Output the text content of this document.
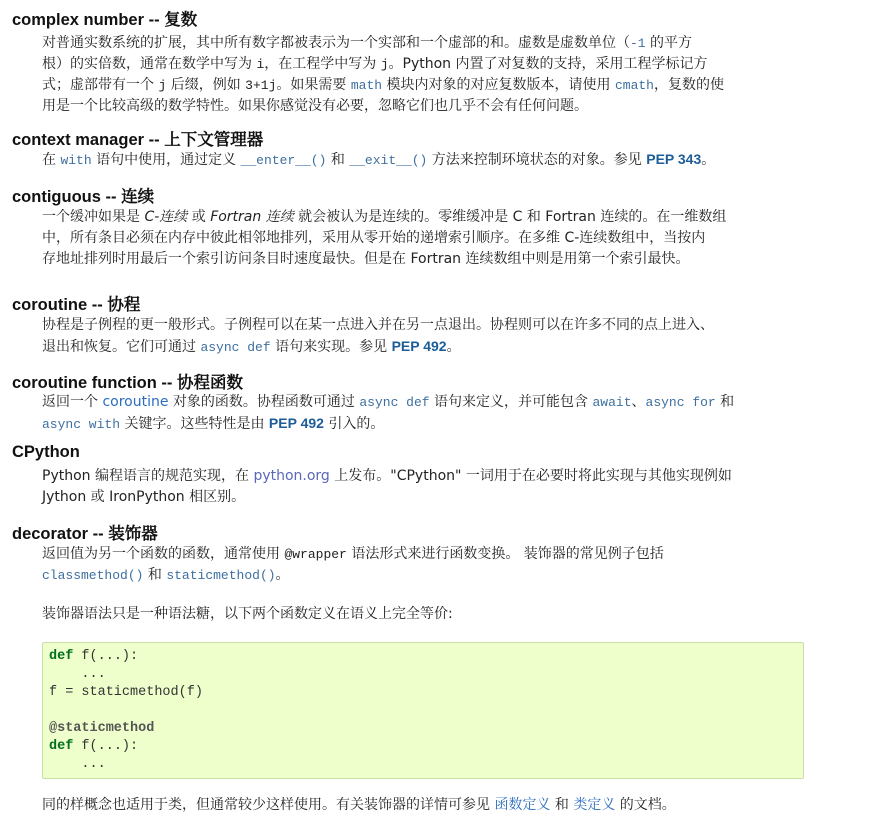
complex number -- 复数
对普通实数系统的扩展，其中所有数字都被表示为一个实部和一个虚部的和。虚数是虚数单位（-1 的平方
根）的实倍数，通常在数学中写为 i，在工程学中写为 j。Python 内置了对复数的支持，采用工程学标记方
式；虚部带有一个 j 后缀，例如 3+1j。如果需要 math 模块内对象的对应复数版本，请使用 cmath，复数的使
用是一个比较高级的数学特性。如果你感觉没有必要，忽略它们也几乎不会有任何问题。
context manager -- 上下文管理器
在 with 语句中使用，通过定义 __enter__() 和 __exit__() 方法来控制环境状态的对象。参见 PEP 343。
contiguous -- 连续
一个缓冲如果是 C-连续 或 Fortran 连续 就会被认为是连续的。零维缓冲是 C 和 Fortran 连续的。在一维数组
中，所有条目必须在内存中彼此相邻地排列，采用从零开始的递增索引顺序。在多维 C-连续数组中，当按内
存地址排列时用最后一个索引访问条目时速度最快。但是在 Fortran 连续数组中则是用第一个索引最快。
coroutine -- 协程
协程是子例程的更一般形式。子例程可以在某一点进入并在另一点退出。协程则可以在许多不同的点上进入、
退出和恢复。它们可通过 async def 语句来实现。参见 PEP 492。
coroutine function -- 协程函数
返回一个 coroutine 对象的函数。协程函数可通过 async def 语句来定义，并可能包含 await、async for 和
async with 关键字。这些特性是由 PEP 492 引入的。
CPython
Python 编程语言的规范实现，在 python.org 上发布。"CPython" 一词用于在必要时将此实现与其他实现例如
Jython 或 IronPython 相区别。
decorator -- 装饰器
返回值为另一个函数的函数，通常使用 @wrapper 语法形式来进行函数变换。 装饰器的常见例子包括
classmethod() 和 staticmethod()。
装饰器语法只是一种语法糖，以下两个函数定义在语义上完全等价:
def f(...):
...
f = staticmethod(f)
@staticmethod
def f(...):
...
同的样概念也适用于类，但通常较少这样使用。有关装饰器的详情可参见 函数定义 和 类定义 的文档。
